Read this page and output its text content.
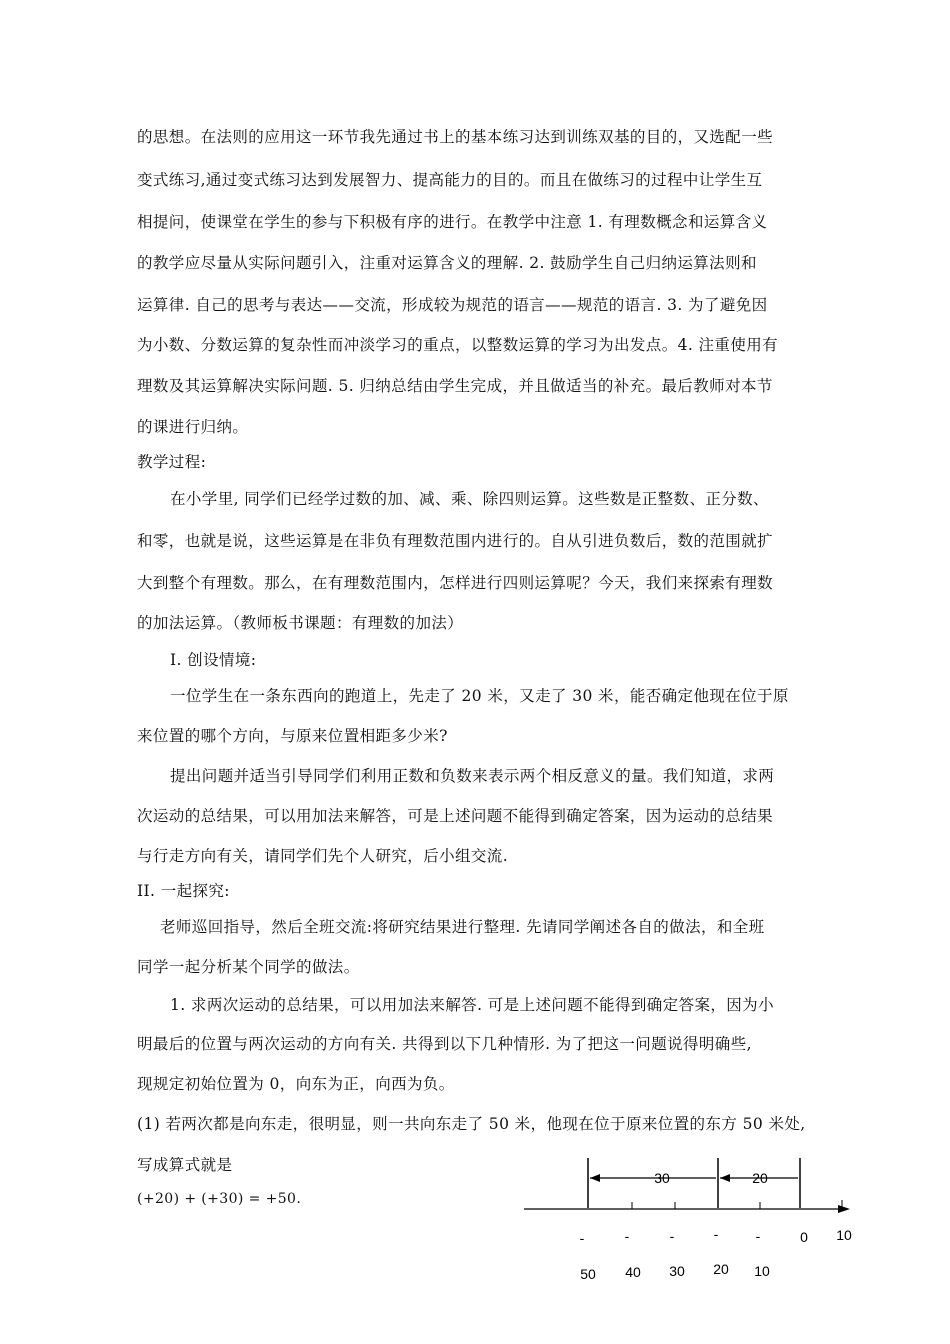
的思想。在法则的应用这一环节我先通过书上的基本练习达到训练双基的目的，又选配一些
变式练习,通过变式练习达到发展智力、提高能力的目的。而且在做练习的过程中让学生互
相提问，使课堂在学生的参与下积极有序的进行。在教学中注意 1. 有理数概念和运算含义
的教学应尽量从实际问题引入，注重对运算含义的理解. 2. 鼓励学生自己归纳运算法则和
运算律. 自己的思考与表达——交流，形成较为规范的语言——规范的语言. 3. 为了避免因
为小数、分数运算的复杂性而冲淡学习的重点，以整数运算的学习为出发点。4. 注重使用有
理数及其运算解决实际问题. 5. 归纳总结由学生完成，并且做适当的补充。最后教师对本节
的课进行归纳。
教学过程:
在小学里, 同学们已经学过数的加、减、乘、除四则运算。这些数是正整数、正分数、
和零，也就是说，这些运算是在非负有理数范围内进行的。自从引进负数后，数的范围就扩
大到整个有理数。那么，在有理数范围内，怎样进行四则运算呢？今天，我们来探索有理数
的加法运算。（教师板书课题：有理数的加法）
I. 创设情境:
一位学生在一条东西向的跑道上，先走了 20 米，又走了 30 米，能否确定他现在位于原
来位置的哪个方向，与原来位置相距多少米?
提出问题并适当引导同学们利用正数和负数来表示两个相反意义的量。我们知道，求两
次运动的总结果，可以用加法来解答，可是上述问题不能得到确定答案，因为运动的总结果
与行走方向有关，请同学们先个人研究，后小组交流.
II. 一起探究:
老师巡回指导，然后全班交流:将研究结果进行整理. 先请同学阐述各自的做法，和全班
同学一起分析某个同学的做法。
1. 求两次运动的总结果，可以用加法来解答. 可是上述问题不能得到确定答案，因为小
明最后的位置与两次运动的方向有关. 共得到以下几种情形. 为了把这一问题说得明确些,
现规定初始位置为 0，向东为正，向西为负。
(1) 若两次都是向东走，很明显，则一共向东走了 50 米，他现在位于原来位置的东方 50 米处,
写成算式就是
(+20) + (+30) = +50.
30	20
-	-	-	-	-	0 10
50 40 30 20 10
